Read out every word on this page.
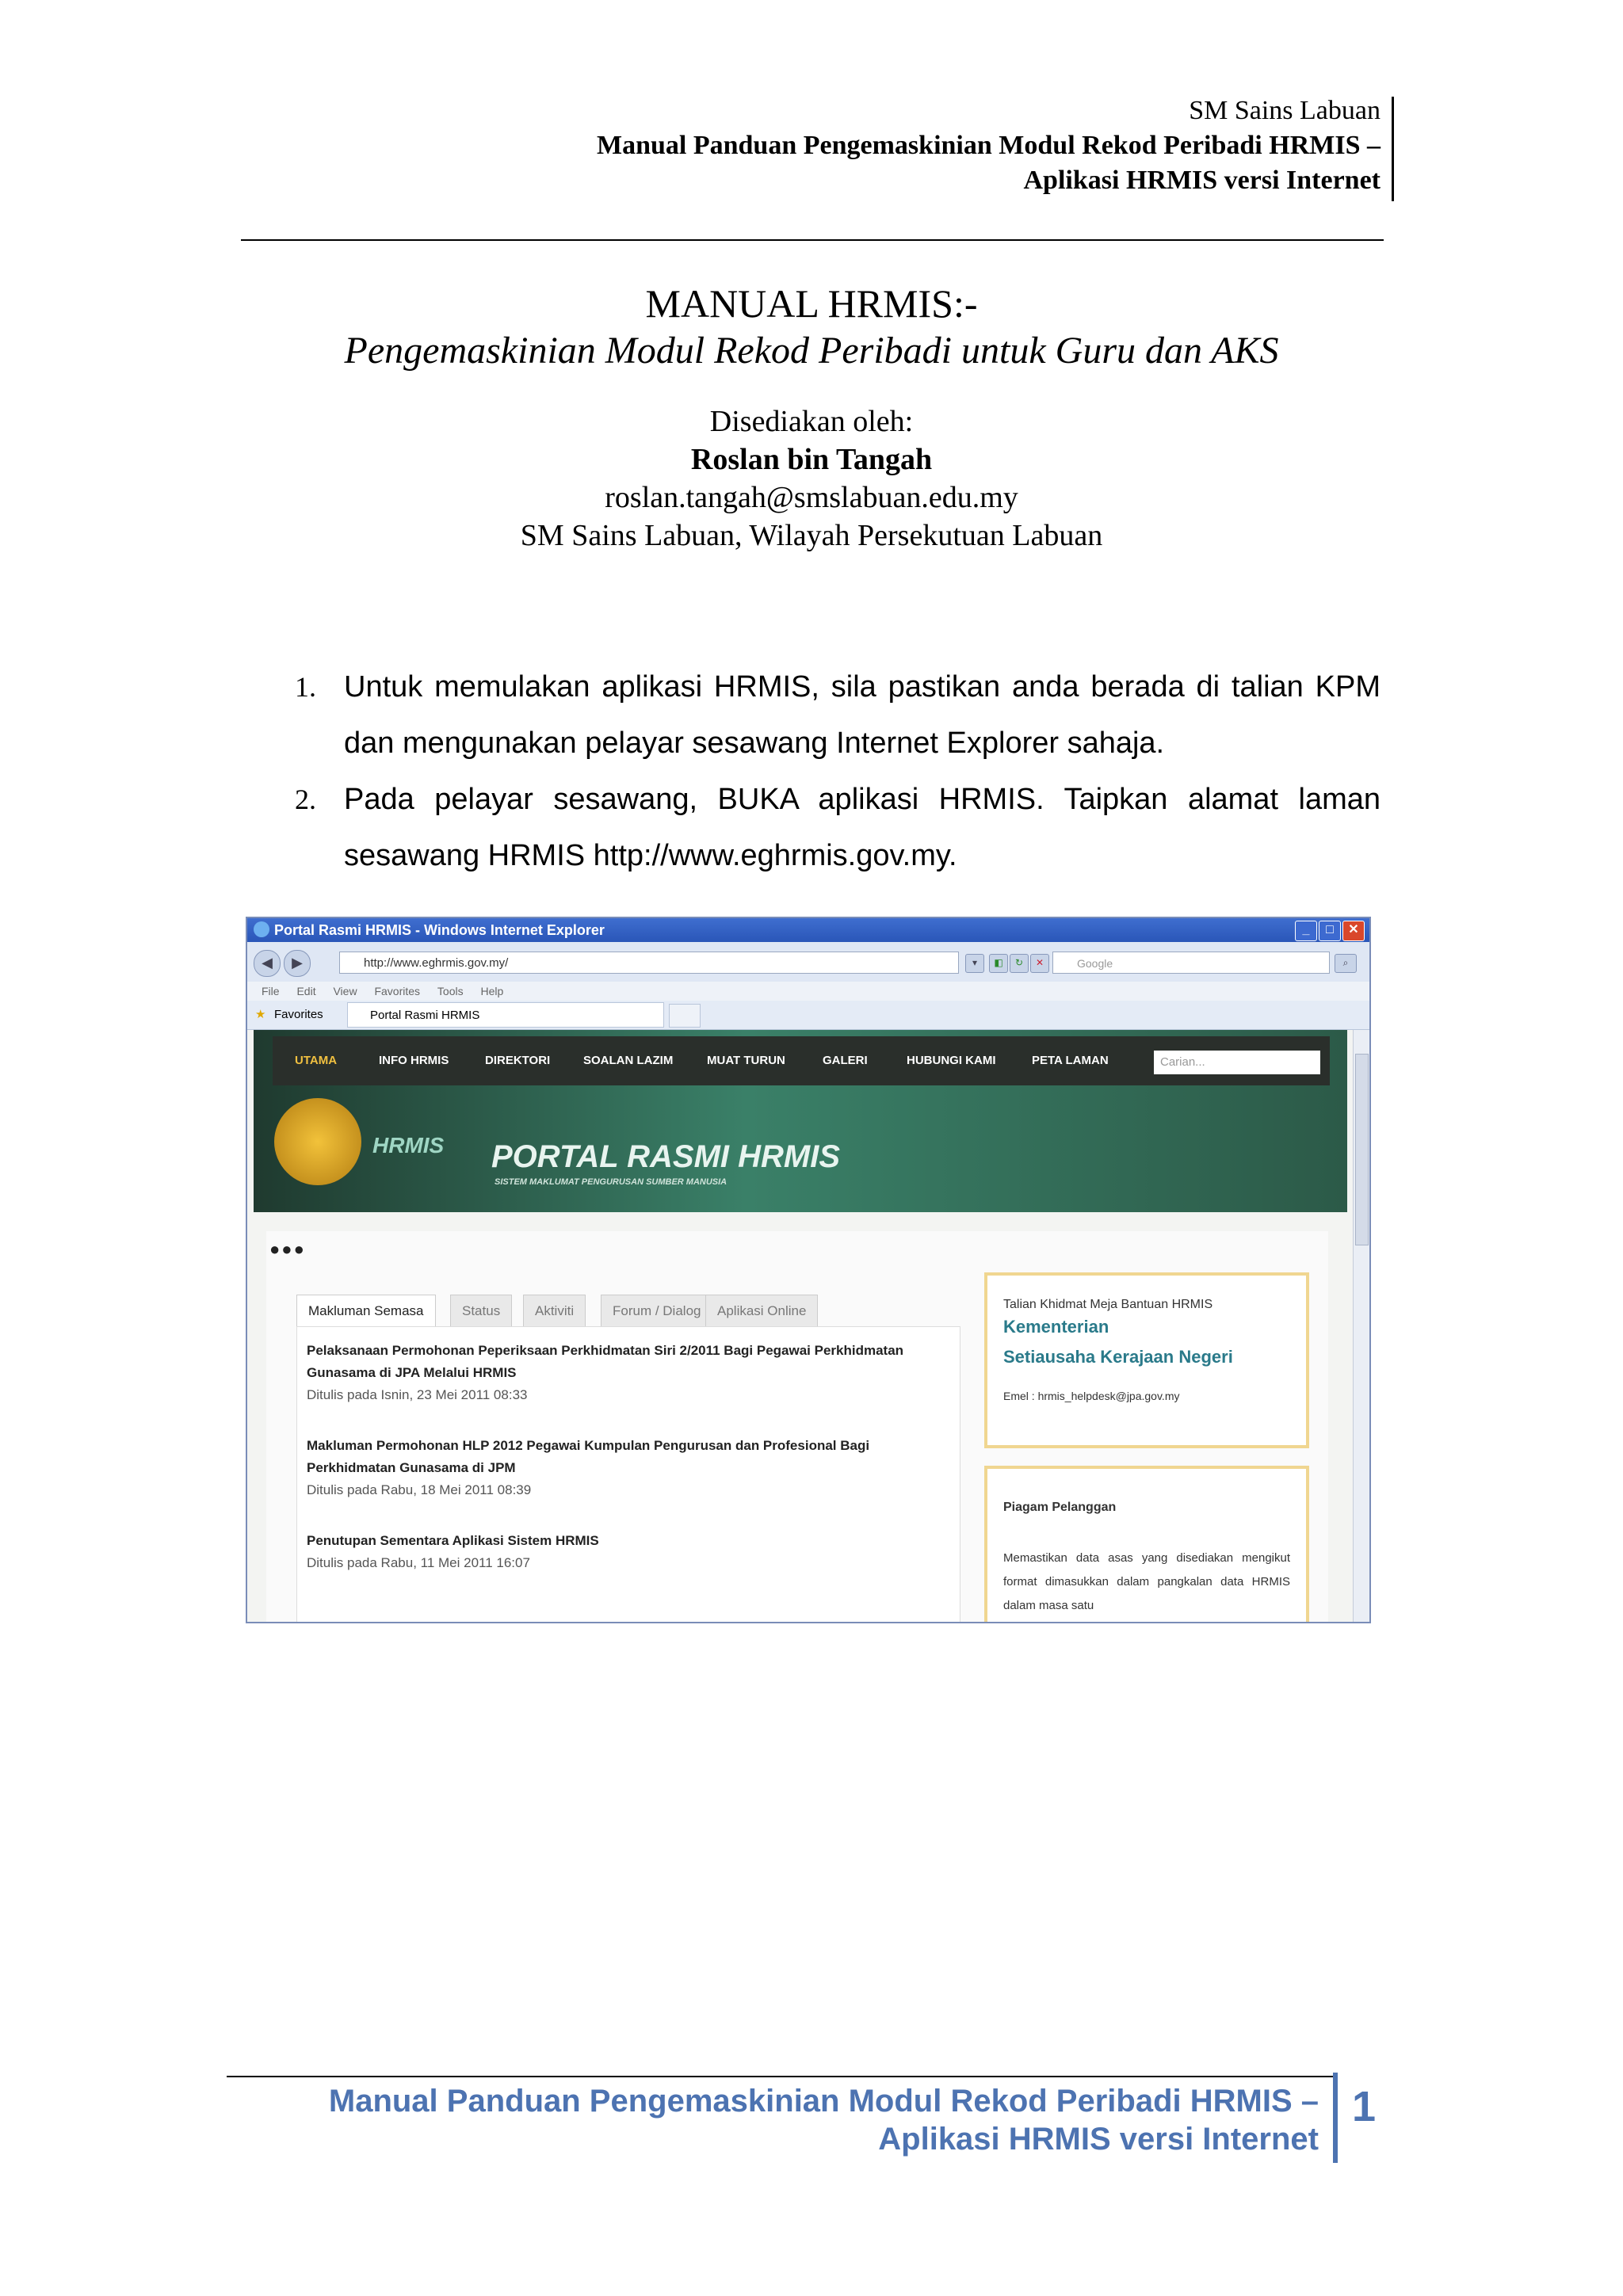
SM Sains Labuan
Manual Panduan Pengemaskinian Modul Rekod Peribadi HRMIS –
Aplikasi HRMIS versi Internet
MANUAL HRMIS:-
Pengemaskinian Modul Rekod Peribadi untuk Guru dan AKS
Disediakan oleh:
Roslan bin Tangah
roslan.tangah@smslabuan.edu.my
SM Sains Labuan, Wilayah Persekutuan Labuan
1. Untuk memulakan aplikasi HRMIS, sila pastikan anda berada di talian KPM dan mengunakan pelayar sesawang Internet Explorer sahaja.
2. Pada pelayar sesawang, BUKA aplikasi HRMIS. Taipkan alamat laman sesawang HRMIS http://www.eghrmis.gov.my.
Portal Rasmi HRMIS - Windows Internet Explorer	_	□	✕
◀	▶	http://www.eghrmis.gov.my/	▾	◧	↻	✕	Google	⌕
File Edit View Favorites Tools Help
★ Favorites	Portal Rasmi HRMIS
UTAMA	INFO HRMIS	DIREKTORI	SOALAN LAZIM	MUAT TURUN	GALERI	HUBUNGI KAMI	PETA LAMAN	Carian...
HRMIS PORTAL RASMI HRMIS
SISTEM MAKLUMAT PENGURUSAN SUMBER MANUSIA
●●●
Makluman Semasa	Status	Aktiviti	Forum / Dialog	Aplikasi Online
Pelaksanaan Permohonan Peperiksaan Perkhidmatan Siri 2/2011 Bagi Pegawai Perkhidmatan Gunasama di JPA Melalui HRMIS
Ditulis pada Isnin, 23 Mei 2011 08:33
Makluman Permohonan HLP 2012 Pegawai Kumpulan Pengurusan dan Profesional Bagi Perkhidmatan Gunasama di JPM
Ditulis pada Rabu, 18 Mei 2011 08:39
Penutupan Sementara Aplikasi Sistem HRMIS
Ditulis pada Rabu, 11 Mei 2011 16:07
Talian Khidmat Meja Bantuan HRMIS
Kementerian
Setiausaha Kerajaan Negeri
Emel : hrmis_helpdesk@jpa.gov.my
Piagam Pelanggan
Memastikan data asas yang disediakan mengikut format dimasukkan dalam pangkalan data HRMIS dalam masa satu
Manual Panduan Pengemaskinian Modul Rekod Peribadi HRMIS –
Aplikasi HRMIS versi Internet
1
